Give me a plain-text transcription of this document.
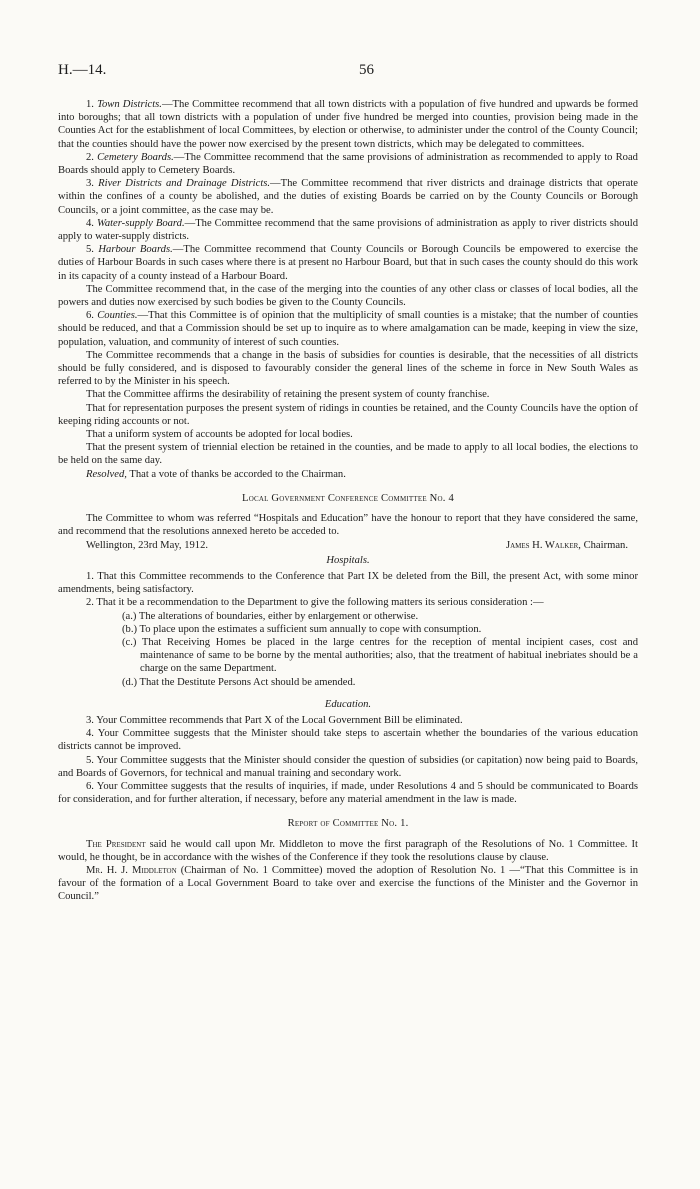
H.—14.	56

1. Town Districts.—The Committee recommend that all town districts with a population of five hundred and upwards be formed into boroughs; that all town districts with a population of under five hundred be merged into counties, provision being made in the Counties Act for the establishment of local Committees, by election or otherwise, to administer under the control of the County Council; that the counties should have the power now exercised by the present town districts, which may be delegated to committees.

2. Cemetery Boards.—The Committee recommend that the same provisions of administration as recommended to apply to Road Boards should apply to Cemetery Boards.

3. River Districts and Drainage Districts.—The Committee recommend that river districts and drainage districts that operate within the confines of a county be abolished, and the duties of existing Boards be carried on by the County Councils or Borough Councils, or a joint committee, as the case may be.

4. Water-supply Board.—The Committee recommend that the same provisions of administration as apply to river districts should apply to water-supply districts.

5. Harbour Boards.—The Committee recommend that County Councils or Borough Councils be empowered to exercise the duties of Harbour Boards in such cases where there is at present no Harbour Board, but that in such cases the county should do this work in its capacity of a county instead of a Harbour Board.

The Committee recommend that, in the case of the merging into the counties of any other class or classes of local bodies, all the powers and duties now exercised by such bodies be given to the County Councils.

6. Counties.—That this Committee is of opinion that the multiplicity of small counties is a mistake; that the number of counties should be reduced, and that a Commission should be set up to inquire as to where amalgamation can be made, keeping in view the size, population, valuation, and community of interest of such counties.

The Committee recommends that a change in the basis of subsidies for counties is desirable, that the necessities of all districts should be fully considered, and is disposed to favourably consider the general lines of the scheme in force in New South Wales as referred to by the Minister in his speech.

That the Committee affirms the desirability of retaining the present system of county franchise.

That for representation purposes the present system of ridings in counties be retained, and the County Councils have the option of keeping riding accounts or not.

That a uniform system of accounts be adopted for local bodies.

That the present system of triennial election be retained in the counties, and be made to apply to all local bodies, the elections to be held on the same day.

Resolved, That a vote of thanks be accorded to the Chairman.

Local Government Conference Committee No. 4

The Committee to whom was referred “Hospitals and Education” have the honour to report that they have considered the same, and recommend that the resolutions annexed hereto be acceded to.

Wellington, 23rd May, 1912.	James H. Walker, Chairman.

Hospitals.

1. That this Committee recommends to the Conference that Part IX be deleted from the Bill, the present Act, with some minor amendments, being satisfactory.

2. That it be a recommendation to the Department to give the following matters its serious consideration :—

(a.) The alterations of boundaries, either by enlargement or otherwise.

(b.) To place upon the estimates a sufficient sum annually to cope with consumption.

(c.) That Receiving Homes be placed in the large centres for the reception of mental incipient cases, cost and maintenance of same to be borne by the mental authorities; also, that the treatment of habitual inebriates should be a charge on the same Department.

(d.) That the Destitute Persons Act should be amended.

Education.

3. Your Committee recommends that Part X of the Local Government Bill be eliminated.

4. Your Committee suggests that the Minister should take steps to ascertain whether the boundaries of the various education districts cannot be improved.

5. Your Committee suggests that the Minister should consider the question of subsidies (or capitation) now being paid to Boards, and Boards of Governors, for technical and manual training and secondary work.

6. Your Committee suggests that the results of inquiries, if made, under Resolutions 4 and 5 should be communicated to Boards for consideration, and for further alteration, if necessary, before any material amendment in the law is made.

Report of Committee No. 1.

The President said he would call upon Mr. Middleton to move the first paragraph of the Resolutions of No. 1 Committee. It would, he thought, be in accordance with the wishes of the Conference if they took the resolutions clause by clause.

Mr. H. J. Middleton (Chairman of No. 1 Committee) moved the adoption of Resolution No. 1 —“That this Committee is in favour of the formation of a Local Government Board to take over and exercise the functions of the Minister and the Governor in Council.”
